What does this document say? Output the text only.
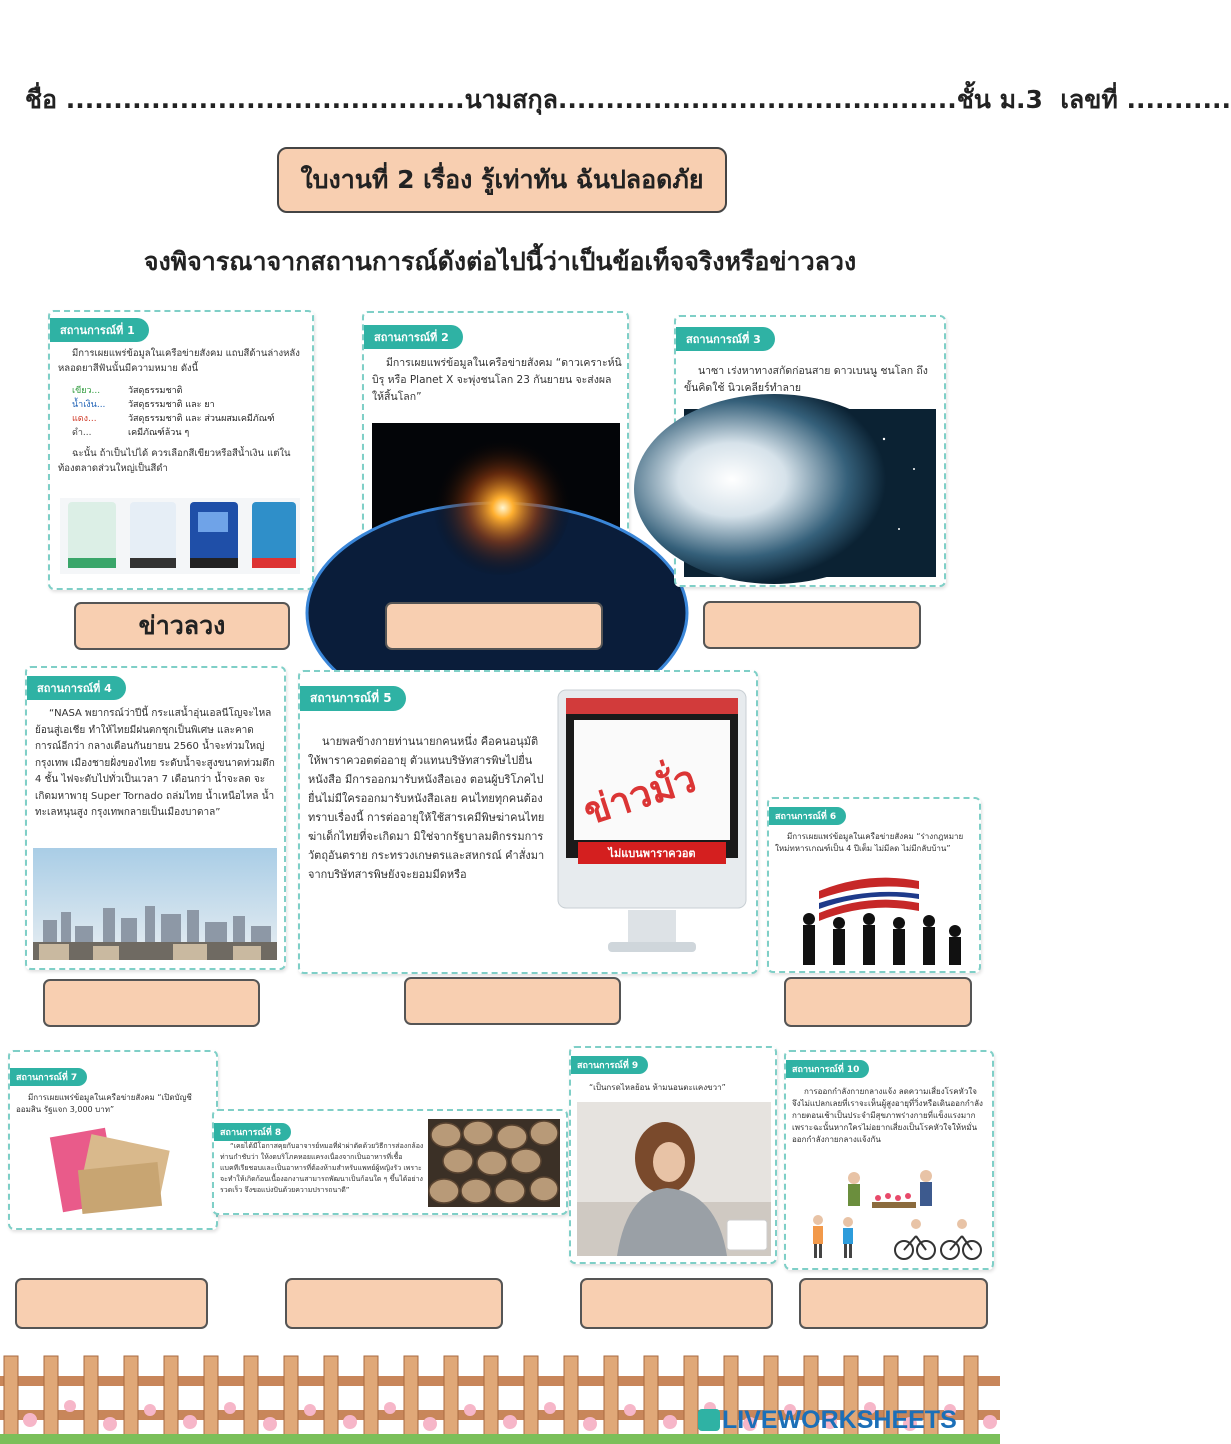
ชื่อ ..........................................นามสกุล..........................................ชั้น ม.3 เลขที่ ...........
ใบงานที่ 2 เรื่อง รู้เท่าทัน ฉันปลอดภัย
จงพิจารณาจากสถานการณ์ดังต่อไปนี้ว่าเป็นข้อเท็จจริงหรือข่าวลวง
สถานการณ์ที่ 1
มีการเผยแพร่ข้อมูลในเครือข่ายสังคม แถบสีด้านล่างหลังหลอดยาสีฟันนั้นมีความหมาย ดังนี้
เขียว...	วัสดุธรรมชาติ
น้ำเงิน...	วัสดุธรรมชาติ และ ยา
แดง...	วัสดุธรรมชาติ และ ส่วนผสมเคมีภัณฑ์
ดำ...	เคมีภัณฑ์ล้วน ๆ
ฉะนั้น ถ้าเป็นไปได้ ควรเลือกสีเขียวหรือสีน้ำเงิน แต่ในท้องตลาดส่วนใหญ่เป็นสีดำ
ข่าวลวง
สถานการณ์ที่ 2
มีการเผยแพร่ข้อมูลในเครือข่ายสังคม “ดาวเคราะห์นิบิรุ หรือ Planet X จะพุ่งชนโลก 23 กันยายน จะส่งผลให้สิ้นโลก”
สถานการณ์ที่ 3
นาซา เร่งหาทางสกัดก่อนสาย ดาวเบนนู ชนโลก ถึงขั้นคิดใช้ นิวเคลียร์ทำลาย
สถานการณ์ที่ 4
“NASA พยากรณ์ว่าปีนี้ กระแสน้ำอุ่นเอลนีโญจะไหลย้อนสู่เอเชีย ทำให้ไทยมีฝนตกชุกเป็นพิเศษ และคาดการณ์อีกว่า กลางเดือนกันยายน 2560 น้ำจะท่วมใหญ่กรุงเทพ เมืองชายฝั่งของไทย ระดับน้ำจะสูงขนาดท่วมตึก 4 ชั้น ไฟจะดับไปทั่วเป็นเวลา 7 เดือนกว่า น้ำจะลด จะเกิดมหาพายุ Super Tornado ถล่มไทย น้ำเหนือไหล น้ำทะเลหนุนสูง กรุงเทพกลายเป็นเมืองบาดาล”
สถานการณ์ที่ 5
นายพลข้างกายท่านนายกคนหนึ่ง คือคนอนุมัติให้พาราควอตต่ออายุ ตัวแทนบริษัทสารพิษไปยื่นหนังสือ มีการออกมารับหนังสือเอง ตอนผู้บริโภคไปยื่นไม่มีใครออกมารับหนังสือเลย คนไทยทุกคนต้องทราบเรื่องนี้ การต่ออายุให้ใช้สารเคมีพิษฆ่าคนไทย ฆ่าเด็กไทยที่จะเกิดมา มิใช่จากรัฐบาลมติกรรมการวัตถุอันตราย กระทรวงเกษตรและสหกรณ์ คำสั่งมาจากบริษัทสารพิษยังจะยอมมีดหรือ
ข่าวมั่ว
ไม่แบนพาราควอต
สถานการณ์ที่ 6
มีการเผยแพร่ข้อมูลในเครือข่ายสังคม “ร่างกฎหมายใหม่ทหารเกณฑ์เป็น 4 ปีเต็ม ไม่มีลด ไม่มีกลับบ้าน”
สถานการณ์ที่ 7
มีการเผยแพร่ข้อมูลในเครือข่ายสังคม “เปิดบัญชีออมสิน รัฐแจก 3,000 บาท”
สถานการณ์ที่ 8
“เคยได้มีโอกาสคุยกับอาจารย์หมอที่ฝ่าผ่าตัดด้วยวิธีการส่องกล้อง ท่านกำชับว่า ให้งดบริโภคหอยแครงเนื่องจากเป็นอาหารที่เชื้อแบคทีเรียชอบและเป็นอาหารที่ต้องห้ามสำหรับแพทย์ผู้หญิงรัว เพราะจะทำให้เกิดก้อนเนื้องอกงานสามารถพัฒนาเป็นก้อนใด ๆ ขึ้นได้อย่างรวดเร็ว จึงขอแบ่งปันด้วยความปรารถนาดี”
สถานการณ์ที่ 9
“เป็นกรดไหลย้อน ห้ามนอนตะแคงขวา”
สถานการณ์ที่ 10
การออกกำลังกายกลางแจ้ง ลดความเสี่ยงโรคหัวใจ จึงไม่แปลกเลยที่เราจะเห็นผู้สูงอายุที่วิ่งหรือเดินออกกำลังกายตอนเช้าเป็นประจำมีสุขภาพร่างกายที่แข็งแรงมาก เพราะฉะนั้นหากใครไม่อยากเสี่ยงเป็นโรคหัวใจให้หมั่นออกกำลังกายกลางแจ้งกัน
LIVEWORKSHEETS
